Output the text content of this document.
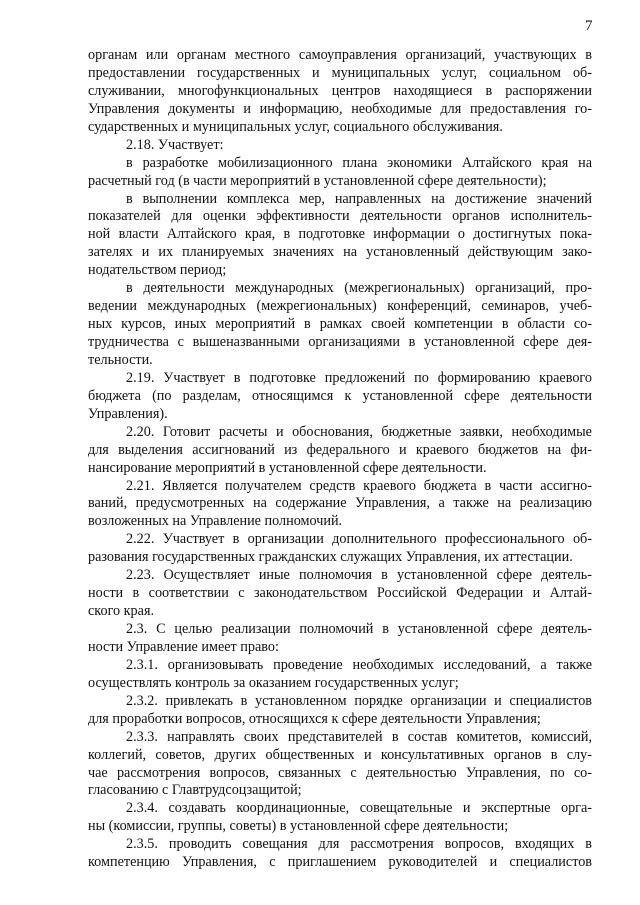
7
органам или органам местного самоуправления организаций, участвующих в
предоставлении государственных и муниципальных услуг, социальном об-
служивании, многофункциональных центров находящиеся в распоряжении
Управления документы и информацию, необходимые для предоставления го-
сударственных и муниципальных услуг, социального обслуживания.
2.18. Участвует:
в разработке мобилизационного плана экономики Алтайского края на
расчетный год (в части мероприятий в установленной сфере деятельности);
в выполнении комплекса мер, направленных на достижение значений
показателей для оценки эффективности деятельности органов исполнитель-
ной власти Алтайского края, в подготовке информации о достигнутых пока-
зателях и их планируемых значениях на установленный действующим зако-
нодательством период;
в деятельности международных (межрегиональных) организаций, про-
ведении международных (межрегиональных) конференций, семинаров, учеб-
ных курсов, иных мероприятий в рамках своей компетенции в области со-
трудничества с вышеназванными организациями в установленной сфере дея-
тельности.
2.19. Участвует в подготовке предложений по формированию краевого
бюджета (по разделам, относящимся к установленной сфере деятельности
Управления).
2.20. Готовит расчеты и обоснования, бюджетные заявки, необходимые
для выделения ассигнований из федерального и краевого бюджетов на фи-
нансирование мероприятий в установленной сфере деятельности.
2.21. Является получателем средств краевого бюджета в части ассигно-
ваний, предусмотренных на содержание Управления, а также на реализацию
возложенных на Управление полномочий.
2.22. Участвует в организации дополнительного профессионального об-
разования государственных гражданских служащих Управления, их аттестации.
2.23. Осуществляет иные полномочия в установленной сфере деятель-
ности в соответствии с законодательством Российской Федерации и Алтай-
ского края.
2.3. С целью реализации полномочий в установленной сфере деятель-
ности Управление имеет право:
2.3.1. организовывать проведение необходимых исследований, а также
осуществлять контроль за оказанием государственных услуг;
2.3.2. привлекать в установленном порядке организации и специалистов
для проработки вопросов, относящихся к сфере деятельности Управления;
2.3.3. направлять своих представителей в состав комитетов, комиссий,
коллегий, советов, других общественных и консультативных органов в слу-
чае рассмотрения вопросов, связанных с деятельностью Управления, по со-
гласованию с Главтрудсоцзащитой;
2.3.4. создавать координационные, совещательные и экспертные орга-
ны (комиссии, группы, советы) в установленной сфере деятельности;
2.3.5. проводить совещания для рассмотрения вопросов, входящих в
компетенцию Управления, с приглашением руководителей и специалистов
